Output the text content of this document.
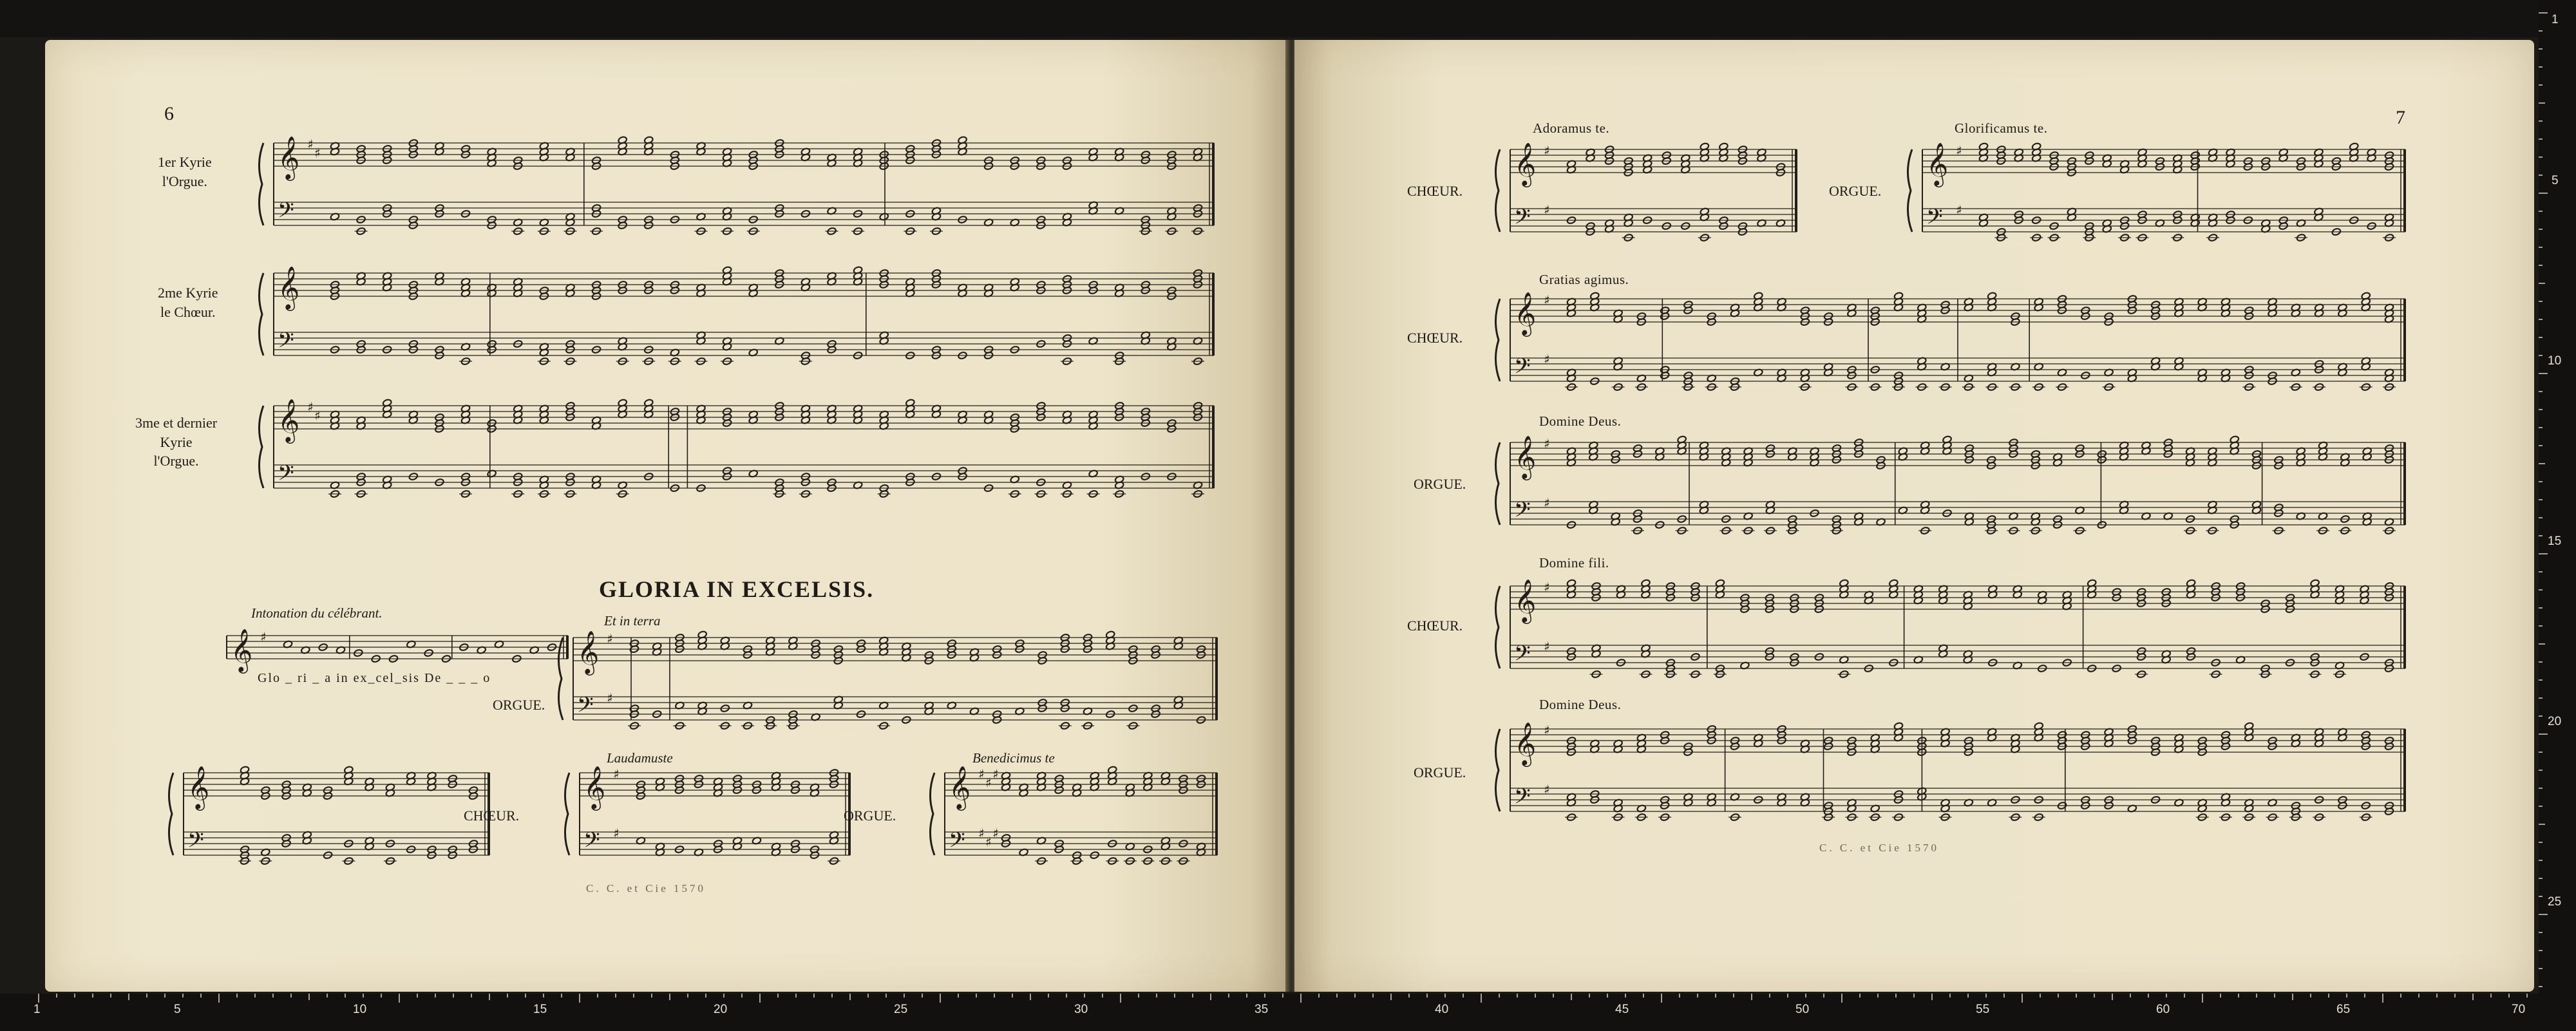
6
1er Kyrie
l'Orgue.
𝄞 ♯
♯
𝄢
2me Kyrie
le Chœur.
𝄞
𝄢
3me et dernier
Kyrie
l'Orgue.
𝄞 ♯
♯
𝄢
GLORIA IN EXCELSIS.
Intonation du célébrant.
𝄞 ♯
Glo _ ri _ a in ex_cel_sis De _ _ _ o
Et in terra
ORGUE.
𝄞 ♯
𝄢 ♯
𝄞
𝄢
CHŒUR.
Laudamuste
𝄞 ♯
𝄢 ♯
ORGUE.
Benedicimus te
𝄞 ♯
♯
♯
𝄢 ♯
♯
♯
C. C. et Cie 1570
7
Adoramus te.
CHŒUR.
𝄞 ♯
𝄢 ♯
Glorificamus te.
ORGUE.
𝄞 ♯
𝄢 ♯
Gratias agimus.
CHŒUR.
𝄞 ♯
𝄢 ♯
Domine Deus.
ORGUE.
𝄞 ♯
𝄢 ♯
Domine fili.
CHŒUR.
𝄞 ♯
𝄢 ♯
Domine Deus.
ORGUE.
𝄞 ♯
𝄢 ♯
C. C. et Cie 1570
1
5
10
15
20
25
1	5	10	15	20	25	30	35	40	45	50	55	60	65	70
